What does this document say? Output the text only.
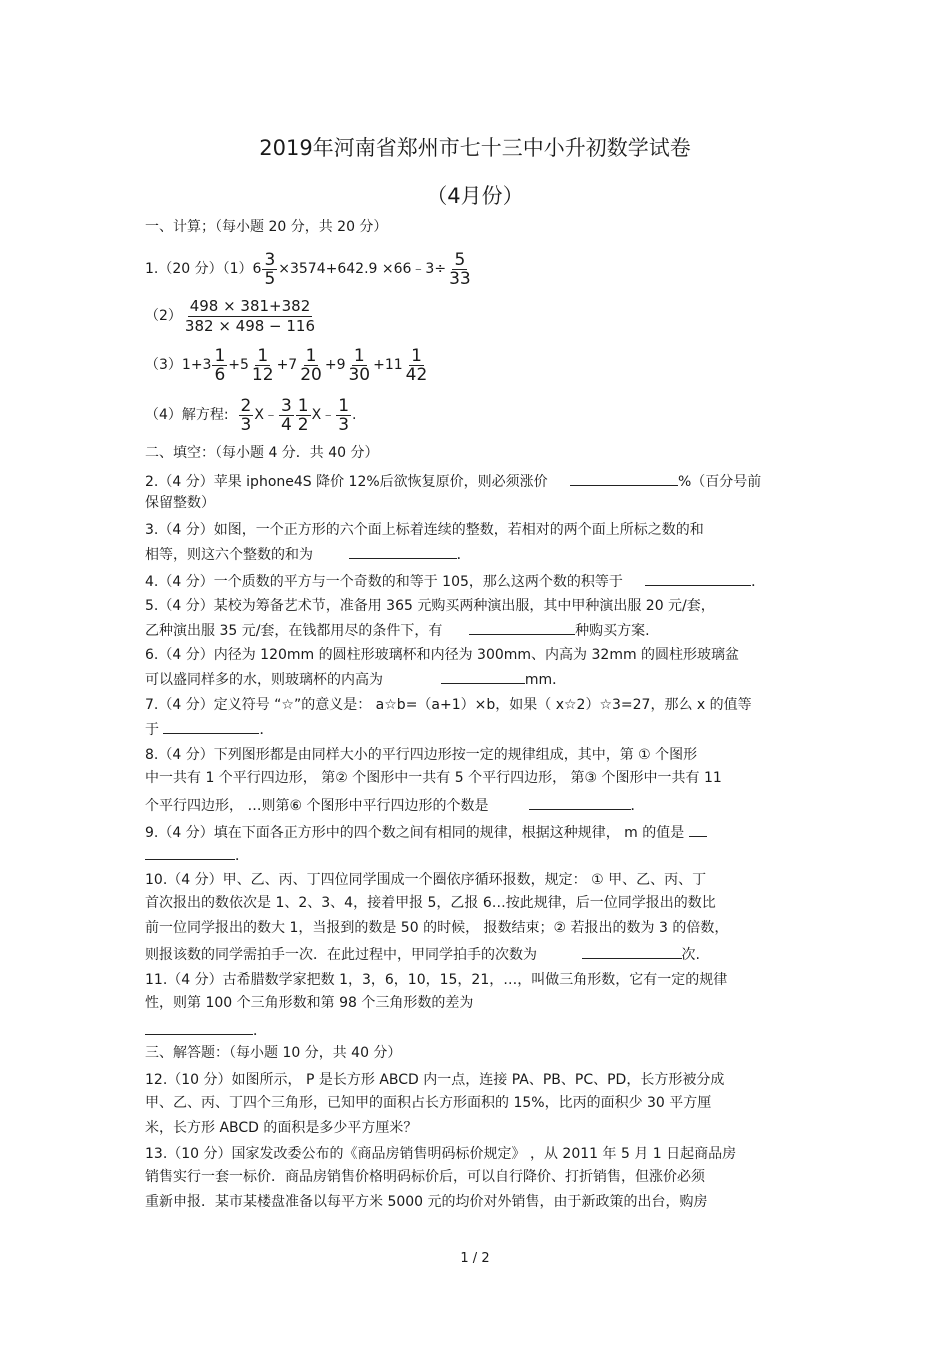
2019年河南省郑州市七十三中小升初数学试卷
（4月份）
一、计算；（每小题 20 分，共 20 分）
1.（20 分）$(1)6 \frac{3}{5} \times 3574+642.9$ ×66﹣3÷ $\frac{5}{33}$
$(2) \frac{498 \times 381+382}{382 \times 498 - 116}$
$(3)1+3 \frac{1}{6} +5 \frac{1}{12} +7 \frac{1}{20} +9 \frac{1}{30} +11 \frac{1}{42}$
（4）解方程: $\frac{2}{3}$ X﹣ $\frac{3}{4} \frac{1}{2}$ X﹣ $\frac{1}{3}$ .
二、填空：（每小题 4 分．共 40 分）
2.（4 分）苹果 iphone4S 降价 12%后欲恢复原价，则必须涨价	%（百分号前
保留整数）
3.（4 分）如图，一个正方形的六个面上标着连续的整数，若相对的两个面上所标之数的和
相等，则这六个整数的和为	．
4.（4 分）一个质数的平方与一个奇数的和等于 105，那么这两个数的积等于	．
5.（4 分）某校为筹备艺术节，准备用 365 元购买两种演出服，其中甲种演出服 20 元/套，
乙种演出服 35 元/套，在钱都用尽的条件下，有	种购买方案.
6.（4 分）内径为 120mm 的圆柱形玻璃杯和内径为 300mm、内高为 32mm 的圆柱形玻璃盆
可以盛同样多的水，则玻璃杯的内高为	mm．
7.（4 分）定义符号 “☆”的意义是： a☆b=（a+1）×b，如果（ x☆2）☆3=27，那么 x 的值等
于	．
8.（4 分）下列图形都是由同样大小的平行四边形按一定的规律组成，其中，第 ① 个图形
中一共有 1 个平行四边形， 第② 个图形中一共有 5 个平行四边形， 第③ 个图形中一共有 11
个平行四边形， …则第⑥ 个图形中平行四边形的个数是	．
9.（4 分）填在下面各正方形中的四个数之间有相同的规律，根据这种规律， m 的值是
．
10.（4 分）甲、乙、丙、丁四位同学围成一个圈依序循环报数，规定： ① 甲、乙、丙、丁
首次报出的数依次是 1、2、3、4，接着甲报 5，乙报 6…按此规律，后一位同学报出的数比
前一位同学报出的数大 1，当报到的数是 50 的时候， 报数结束；② 若报出的数为 3 的倍数，
则报该数的同学需拍手一次．在此过程中，甲同学拍手的次数为	次.
11.（4 分）古希腊数学家把数 1，3，6，10，15，21，…，叫做三角形数，它有一定的规律
性，则第 100 个三角形数和第 98 个三角形数的差为
．
三、解答题：（每小题 10 分，共 40 分）
12.（10 分）如图所示， P 是长方形 ABCD 内一点，连接 PA、PB、PC、PD，长方形被分成
甲、乙、丙、丁四个三角形，已知甲的面积占长方形面积的 15%，比丙的面积少 30 平方厘
米，长方形 ABCD 的面积是多少平方厘米？
13.（10 分）国家发改委公布的《商品房销售明码标价规定》 ，从 2011 年 5 月 1 日起商品房
销售实行一套一标价．商品房销售价格明码标价后，可以自行降价、打折销售，但涨价必须
重新申报．某市某楼盘准备以每平方米 5000 元的均价对外销售，由于新政策的出台，购房
1 / 2
